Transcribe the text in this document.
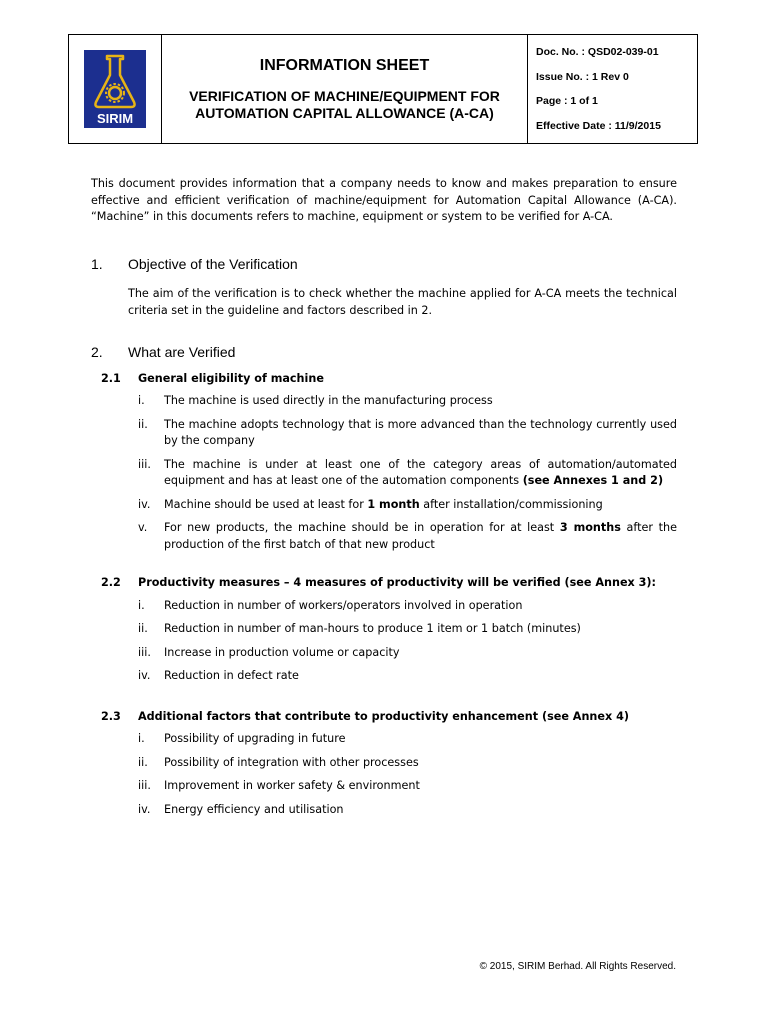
SIRIM
INFORMATION SHEET
VERIFICATION OF MACHINE/EQUIPMENT FOR
AUTOMATION CAPITAL ALLOWANCE (A-CA)
Doc. No. : QSD02-039-01
Issue No. : 1 Rev 0
Page : 1 of 1
Effective Date : 11/9/2015

This document provides information that a company needs to know and makes preparation to ensure effective and efficient verification of machine/equipment for Automation Capital Allowance (A-CA). “Machine” in this documents refers to machine, equipment or system to be verified for A-CA.

1.	Objective of the Verification

The aim of the verification is to check whether the machine applied for A-CA meets the technical criteria set in the guideline and factors described in 2.

2.	What are Verified
2.1	General eligibility of machine
i.	The machine is used directly in the manufacturing process
ii.	The machine adopts technology that is more advanced than the technology currently used by the company
iii.	The machine is under at least one of the category areas of automation/automated equipment and has at least one of the automation components (see Annexes 1 and 2)
iv.	Machine should be used at least for 1 month after installation/commissioning
v.	For new products, the machine should be in operation for at least 3 months after the production of the first batch of that new product
2.2	Productivity measures – 4 measures of productivity will be verified (see Annex 3):
i.	Reduction in number of workers/operators involved in operation
ii.	Reduction in number of man-hours to produce 1 item or 1 batch (minutes)
iii.	Increase in production volume or capacity
iv.	Reduction in defect rate
2.3	Additional factors that contribute to productivity enhancement (see Annex 4)
i.	Possibility of upgrading in future
ii.	Possibility of integration with other processes
iii.	Improvement in worker safety & environment
iv.	Energy efficiency and utilisation
© 2015, SIRIM Berhad. All Rights Reserved.
